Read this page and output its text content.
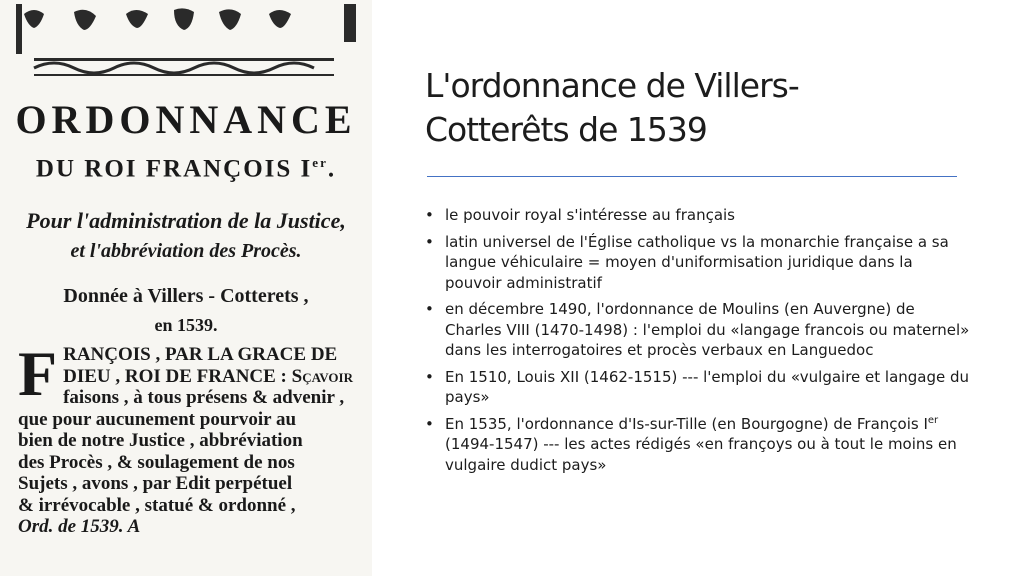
ORDONNANCE
DU ROI FRANÇOIS Ier.
Pour l'administration de la Justice,
et l'abbréviation des Procès.
Donnée à Villers - Cotterets ,
en 1539.
F RANÇOIS , PAR LA GRACE DE
DIEU , ROI DE FRANCE : Sçavoir
faisons , à tous présens & advenir ,
que pour aucunement pourvoir au
bien de notre Justice , abbréviation
des Procès , & soulagement de nos
Sujets , avons , par Edit perpétuel
& irrévocable , statué & ordonné ,
Ord. de 1539. A
L'ordonnance de Villers-
Cotterêts de 1539
• le pouvoir royal s'intéresse au français
• latin universel de l'Église catholique vs la monarchie française a sa langue véhiculaire = moyen d'uniformisation juridique dans la pouvoir administratif
• en décembre 1490, l'ordonnance de Moulins (en Auvergne) de Charles VIII (1470-1498) : l'emploi du «langage francois ou maternel» dans les interrogatoires et procès verbaux en Languedoc
• En 1510, Louis XII (1462-1515) --- l'emploi du «vulgaire et langage du pays»
• En 1535, l'ordonnance d'Is-sur-Tille (en Bourgogne) de François Ier (1494-1547) --- les actes rédigés «en françoys ou à tout le moins en vulgaire dudict pays»
